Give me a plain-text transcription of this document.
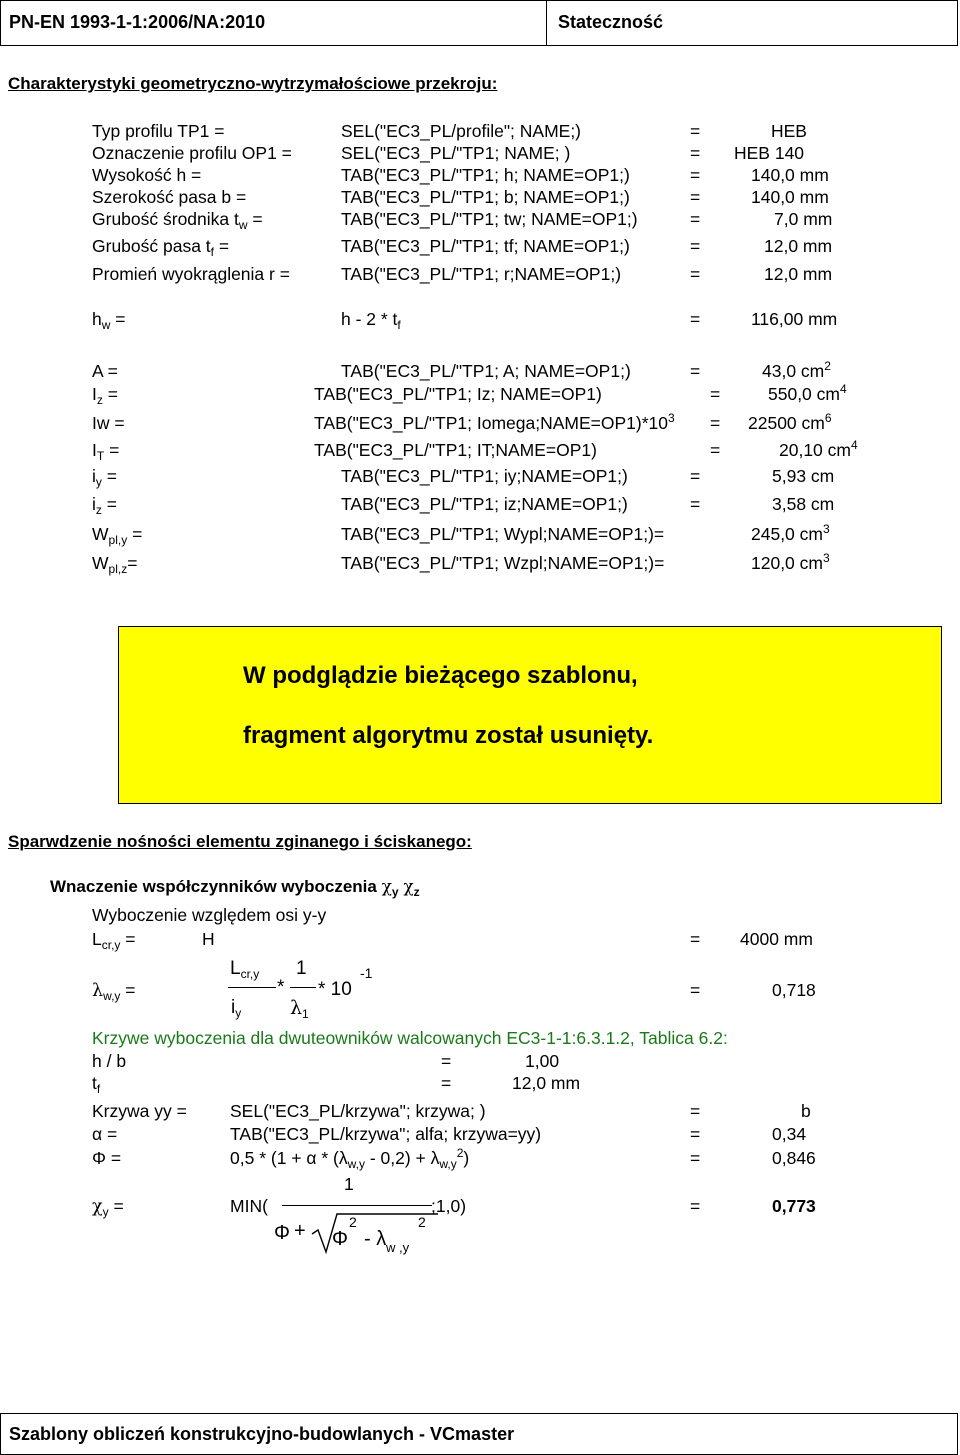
PN-EN 1993-1-1:2006/NA:2010	Stateczność
Charakterystyki geometryczno-wytrzymałościowe przekroju:
Typ profilu TP1 =	SEL("EC3_PL/profile"; NAME;)	=	HEB
Oznaczenie profilu OP1 =	SEL("EC3_PL/"TP1; NAME; )	= HEB 140
Wysokość h =	TAB("EC3_PL/"TP1; h; NAME=OP1;)	=	140,0 mm
Szerokość pasa b =	TAB("EC3_PL/"TP1; b; NAME=OP1;)	=	140,0 mm
Grubość środnika $t_w$ =	TAB("EC3_PL/"TP1; tw; NAME=OP1;)	=	7,0 mm
Grubość pasa $t_f$ =	TAB("EC3_PL/"TP1; tf; NAME=OP1;)	=	12,0 mm
Promień wyokrąglenia r =	TAB("EC3_PL/"TP1; r;NAME=OP1;)	=	12,0 mm
$h_w$ =	h - $2 * t_f$	=	116,00 mm
A =	TAB("EC3_PL/"TP1; A; NAME=OP1;)	=	43,0 $cm^2$
$I_z$ =	TAB("EC3_PL/"TP1; Iz; NAME=OP1)	=	550,0 $cm^4$
Iw =	TAB("EC3_PL/"TP1; $Iomega;NAME=OP1)*10^3 = 22500$ $cm^6$
$I_T$ =	TAB("EC3_PL/"TP1; IT;NAME=OP1)	=	20,10 $cm^4$
$i_y$ =	TAB("EC3_PL/"TP1; iy;NAME=OP1;)	=	5,93 cm
$i_z$ =	TAB("EC3_PL/"TP1; iz;NAME=OP1;)	=	3,58 cm
$W_{pl,y}$ =	TAB("EC3_PL/"TP1; Wypl;NAME=OP1;)=	245,0 $cm^3$
$W_{pl,z}=$	TAB("EC3_PL/"TP1; Wzpl;NAME=OP1;)=	120,0 $cm^3$
W podglądzie bieżącego szablonu,
fragment algorytmu został usunięty.
Sparwdzenie nośności elementu zginanego i ściskanego:
Wnaczenie współczynników wyboczenia $\chi_y$ $\chi_z$
Wyboczenie względem osi y-y
$L_{cr,y}$ =	H	= 4000 mm
$\lambda_{w,y}$ =
$L_{cr,y}$
$i_y$
*
1
$\lambda_1$
* 10
-1
=	0,718
Krzywe wyboczenia dla dwuteowników walcowanych EC3-1-1:6.3.1.2, Tablica 6.2:
h / b	=	1,00
$t_f$	=	12,0 mm
Krzywa yy = SEL("EC3_PL/krzywa"; krzywa; )	=	b
α =	TAB("EC3_PL/krzywa"; alfa; krzywa=yy)	=	0,34
Φ =	$0,5 * (1 + \alpha * (\lambda_{w,y} - 0,2) + \lambda_{w,y}^2)$	=	0,846
$\chi_y$ =	MIN(
1
;1,0)
Φ + Φ
2
- λ w ,y
2
=	0,773
Szablony obliczeń konstrukcyjno-budowlanych - VCmaster
